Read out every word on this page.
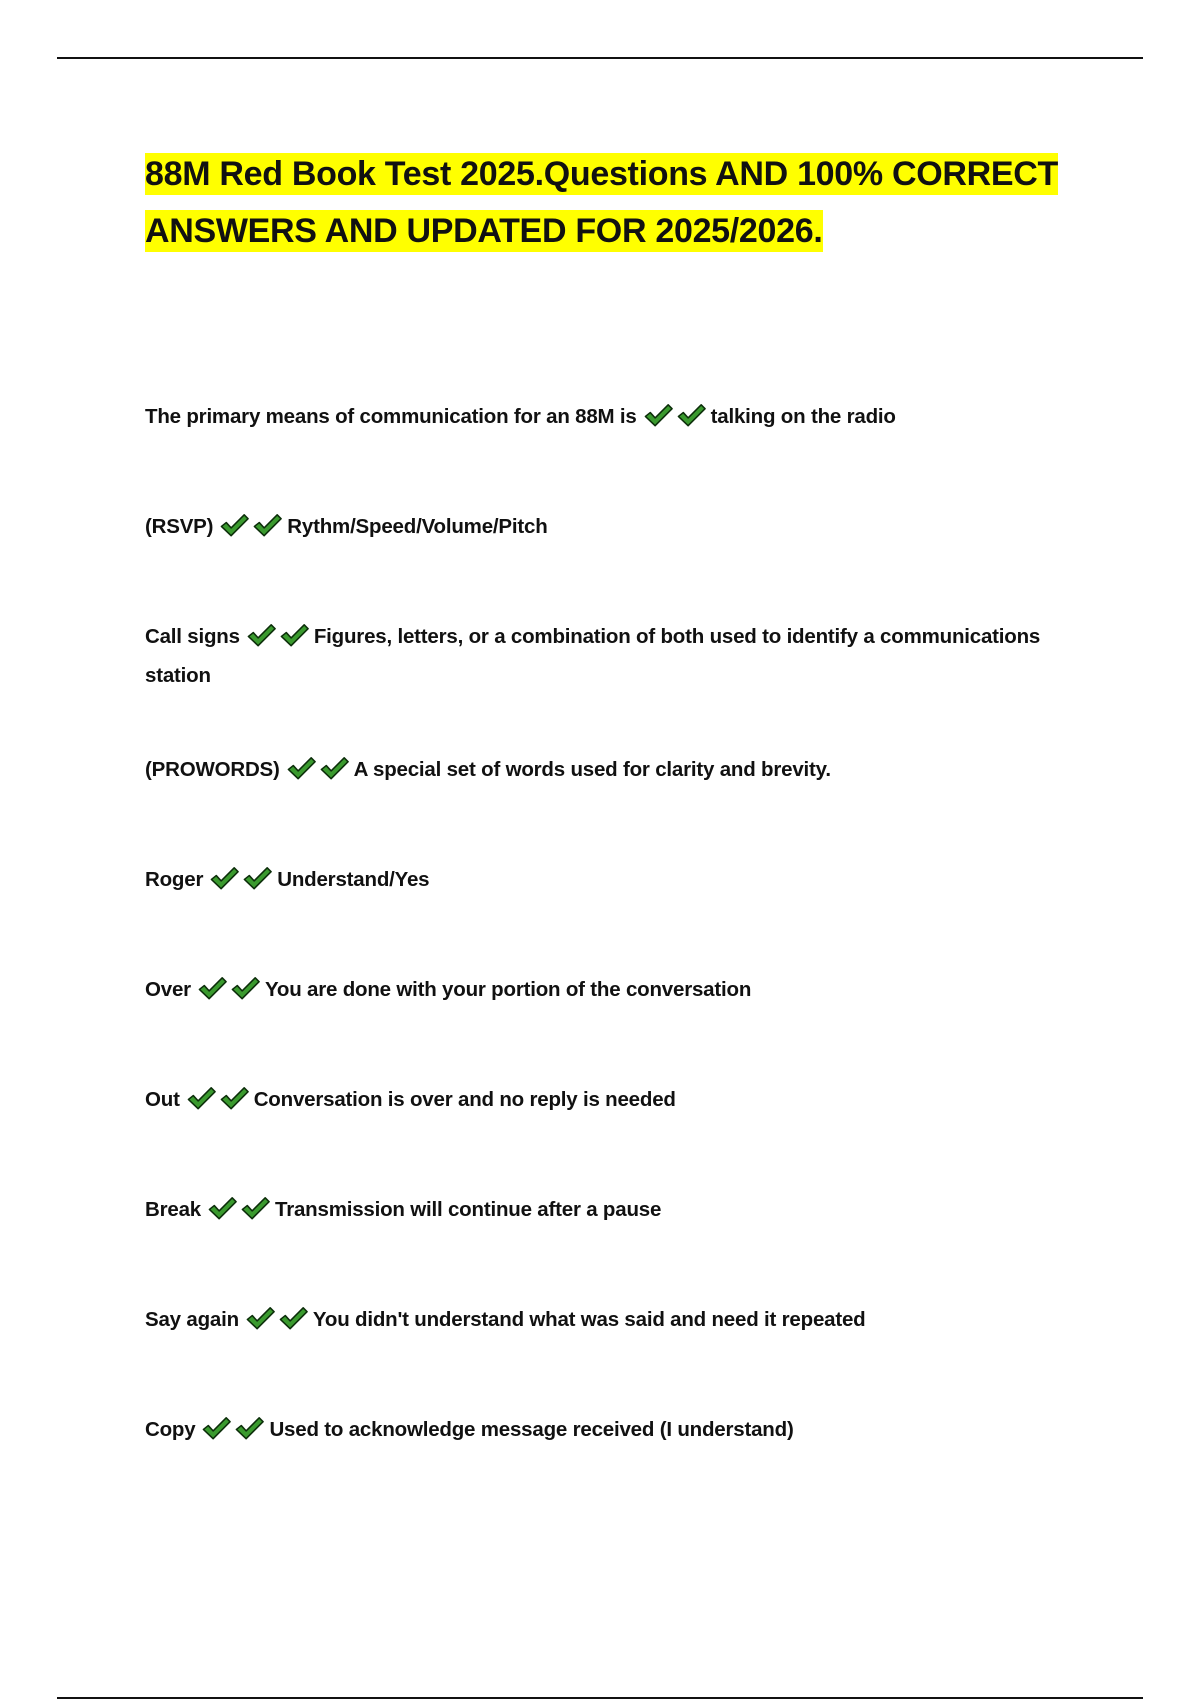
88M Red Book Test 2025.Questions AND 100% CORRECT ANSWERS AND UPDATED FOR 2025/2026.
The primary means of communication for an 88M is	talking on the radio
(RSVP)	Rythm/Speed/Volume/Pitch
Call signs	Figures, letters, or a combination of both used to identify a communications station
(PROWORDS)	A special set of words used for clarity and brevity.
Roger	Understand/Yes
Over	You are done with your portion of the conversation
Out	Conversation is over and no reply is needed
Break	Transmission will continue after a pause
Say again	You didn't understand what was said and need it repeated
Copy	Used to acknowledge message received (I understand)
